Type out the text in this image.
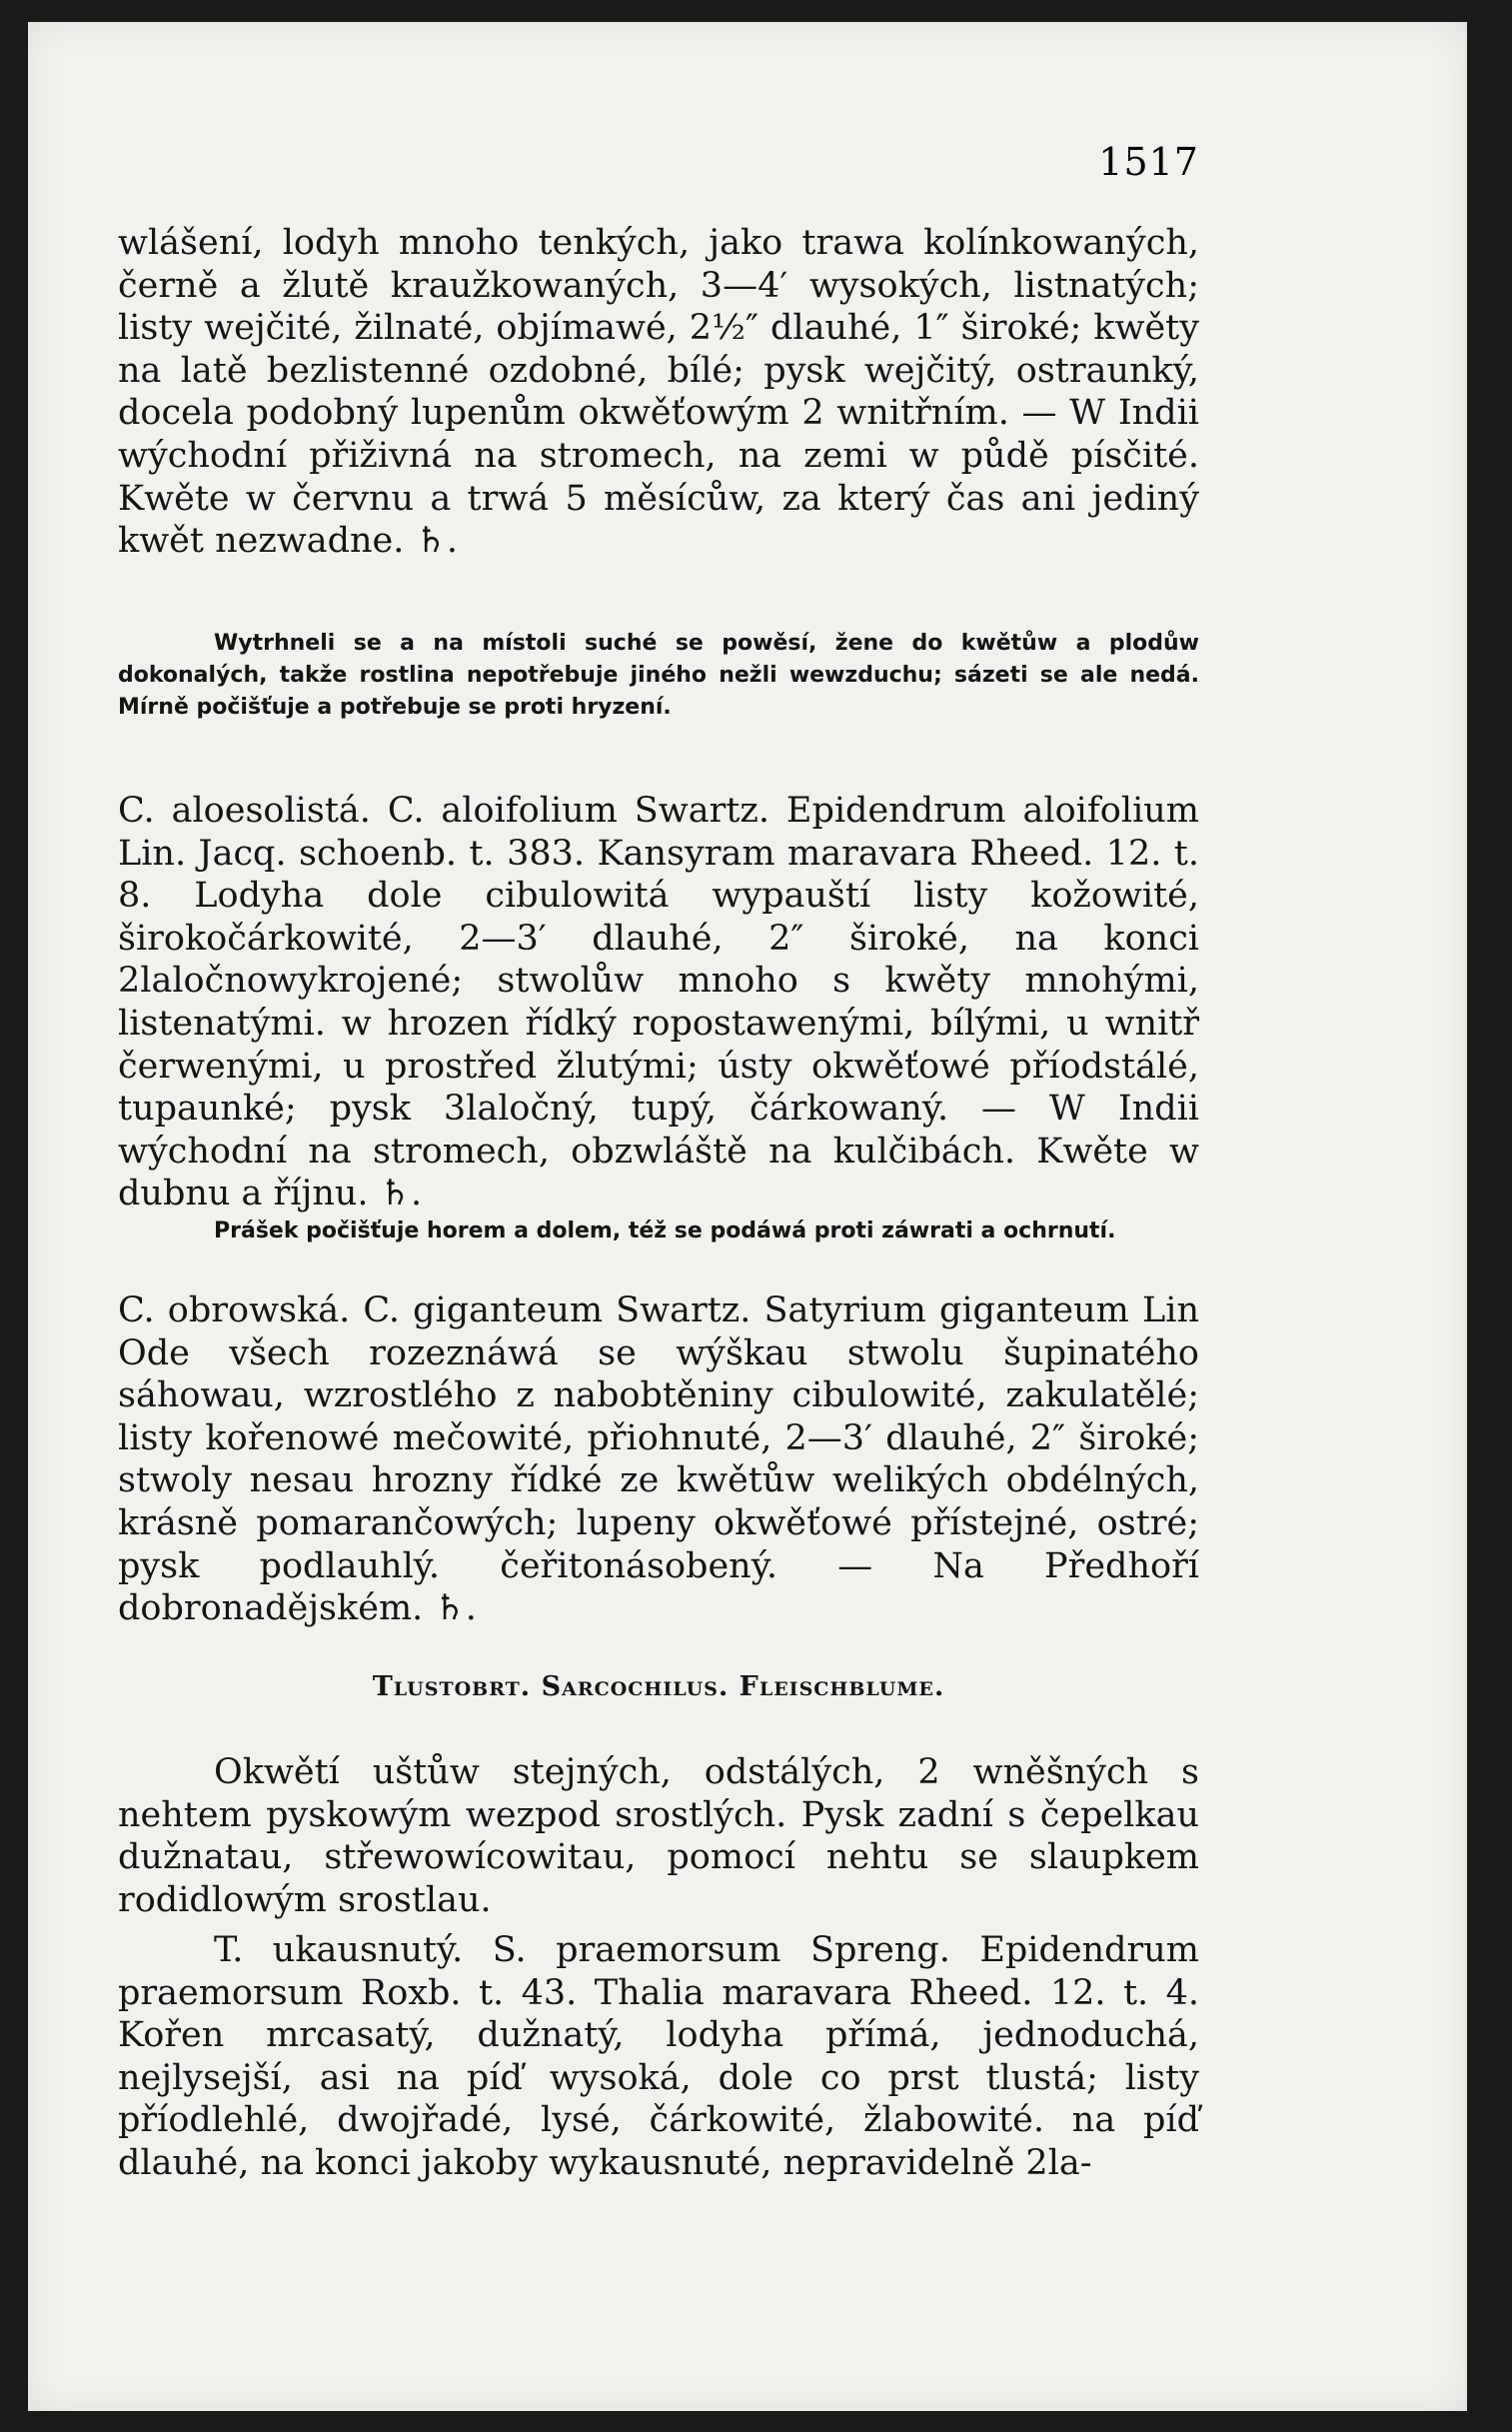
1517

wlášení, lodyh mnoho tenkých, jako trawa kolínkowaných, černě a žlutě kraužkowaných, 3—4′ wysokých, listnatých; listy wejčité, žilnaté, objímawé, 2½″ dlauhé, 1″ široké; kwěty na latě bezlistenné ozdobné, bílé; pysk wejčitý, ostraunký, docela podobný lupenům okwěťowým 2 wnitřním. — W Indii wýchodní přiživná na stromech, na zemi w půdě písčité. Kwěte w červnu a trwá 5 měsícůw, za který čas ani jediný kwět nezwadne. ♄.

Wytrhneli se a na místoli suché se powěsí, žene do kwětůw a plodůw dokonalých, takže rostlina nepotřebuje jiného nežli wewzduchu; sázeti se ale nedá. Mírně počišťuje a potřebuje se proti hryzení.

C. aloesolistá. C. aloifolium Swartz. Epidendrum aloifolium Lin. Jacq. schoenb. t. 383. Kansyram maravara Rheed. 12. t. 8. Lodyha dole cibulowitá wypauští listy kožowité, širokočárkowité, 2—3′ dlauhé, 2″ široké, na konci 2laločnowykrojené; stwolůw mnoho s kwěty mnohými, listenatými. w hrozen řídký ropostawenými, bílými, u wnitř čerwenými, u prostřed žlutými; ústy okwěťowé příodstálé, tupaunké; pysk 3laločný, tupý, čárkowaný. — W Indii wýchodní na stromech, obzwláště na kulčibách. Kwěte w dubnu a říjnu. ♄.

Prášek počišťuje horem a dolem, též se podáwá proti záwrati a ochrnutí.

C. obrowská. C. giganteum Swartz. Satyrium giganteum Lin Ode všech rozeznáwá se wýškau stwolu šupinatého sáhowau, wzrostlého z nabobtěniny cibulowité, zakulatělé; listy kořenowé mečowité, přiohnuté, 2—3′ dlauhé, 2″ široké; stwoly nesau hrozny řídké ze kwětůw welikých obdélných, krásně pomarančowých; lupeny okwěťowé přístejné, ostré; pysk podlauhlý. čeřitonásobený. — Na Předhoří dobronadějském. ♄.

Tlustobrt. Sarcochilus. Fleischblume.

Okwětí uštůw stejných, odstálých, 2 wněšných s nehtem pyskowým wezpod srostlých. Pysk zadní s čepelkau dužnatau, střewowícowitau, pomocí nehtu se slaupkem rodidlowým srostlau.

T. ukausnutý. S. praemorsum Spreng. Epidendrum praemorsum Roxb. t. 43. Thalia maravara Rheed. 12. t. 4. Kořen mrcasatý, dužnatý, lodyha přímá, jednoduchá, nejlysejší, asi na píď wysoká, dole co prst tlustá; listy příodlehlé, dwojřadé, lysé, čárkowité, žlabowité. na píď dlauhé, na konci jakoby wykausnuté, nepravidelně 2la-
